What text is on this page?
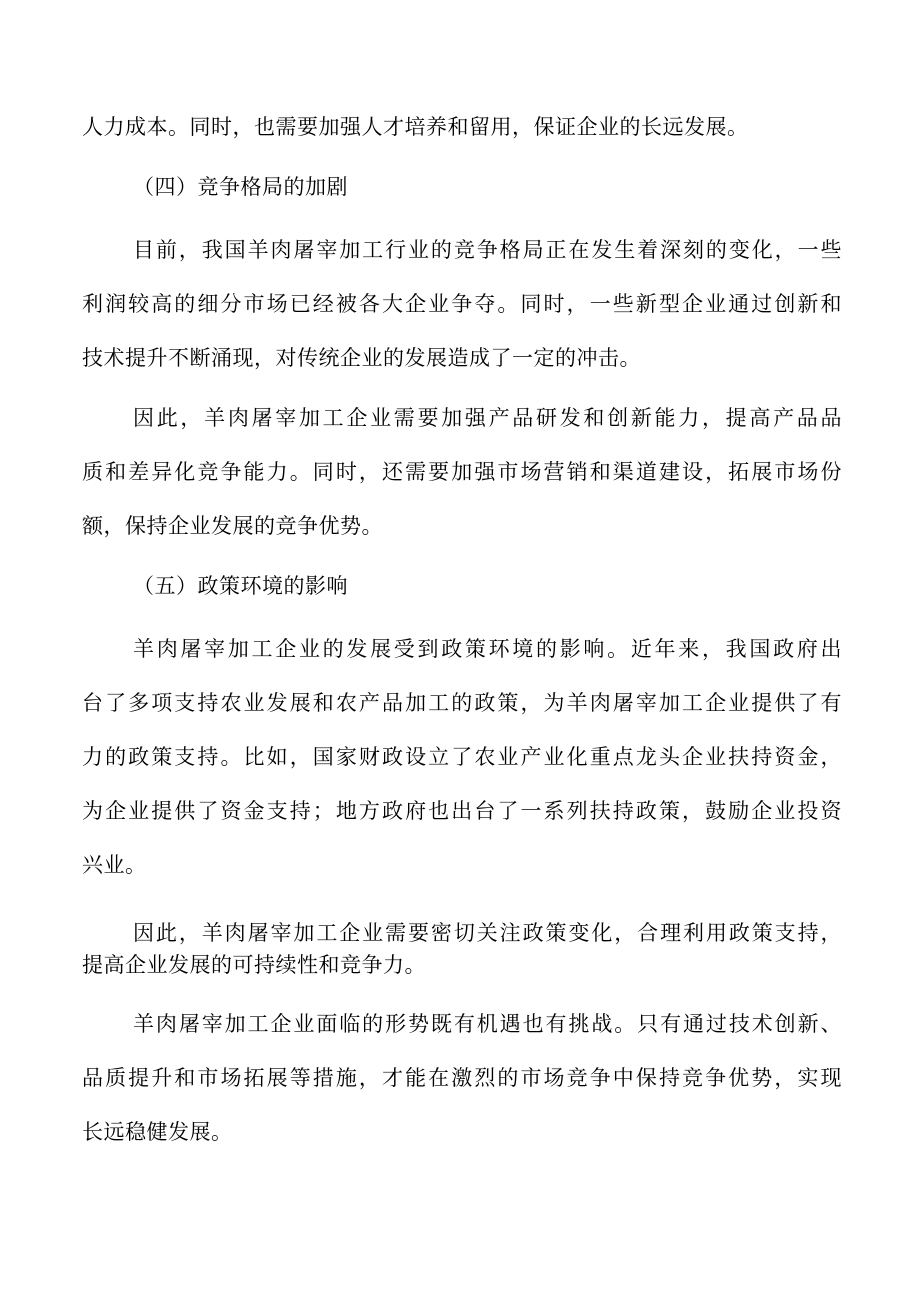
人力成本。同时，也需要加强人才培养和留用，保证企业的长远发展。
（四）竞争格局的加剧
目前，我国羊肉屠宰加工行业的竞争格局正在发生着深刻的变化，一些
利润较高的细分市场已经被各大企业争夺。同时，一些新型企业通过创新和
技术提升不断涌现，对传统企业的发展造成了一定的冲击。
因此，羊肉屠宰加工企业需要加强产品研发和创新能力，提高产品品
质和差异化竞争能力。同时，还需要加强市场营销和渠道建设，拓展市场份
额，保持企业发展的竞争优势。
（五）政策环境的影响
羊肉屠宰加工企业的发展受到政策环境的影响。近年来，我国政府出
台了多项支持农业发展和农产品加工的政策，为羊肉屠宰加工企业提供了有
力的政策支持。比如，国家财政设立了农业产业化重点龙头企业扶持资金，
为企业提供了资金支持；地方政府也出台了一系列扶持政策，鼓励企业投资
兴业。
因此，羊肉屠宰加工企业需要密切关注政策变化，合理利用政策支持，
提高企业发展的可持续性和竞争力。
羊肉屠宰加工企业面临的形势既有机遇也有挑战。只有通过技术创新、
品质提升和市场拓展等措施，才能在激烈的市场竞争中保持竞争优势，实现
长远稳健发展。
